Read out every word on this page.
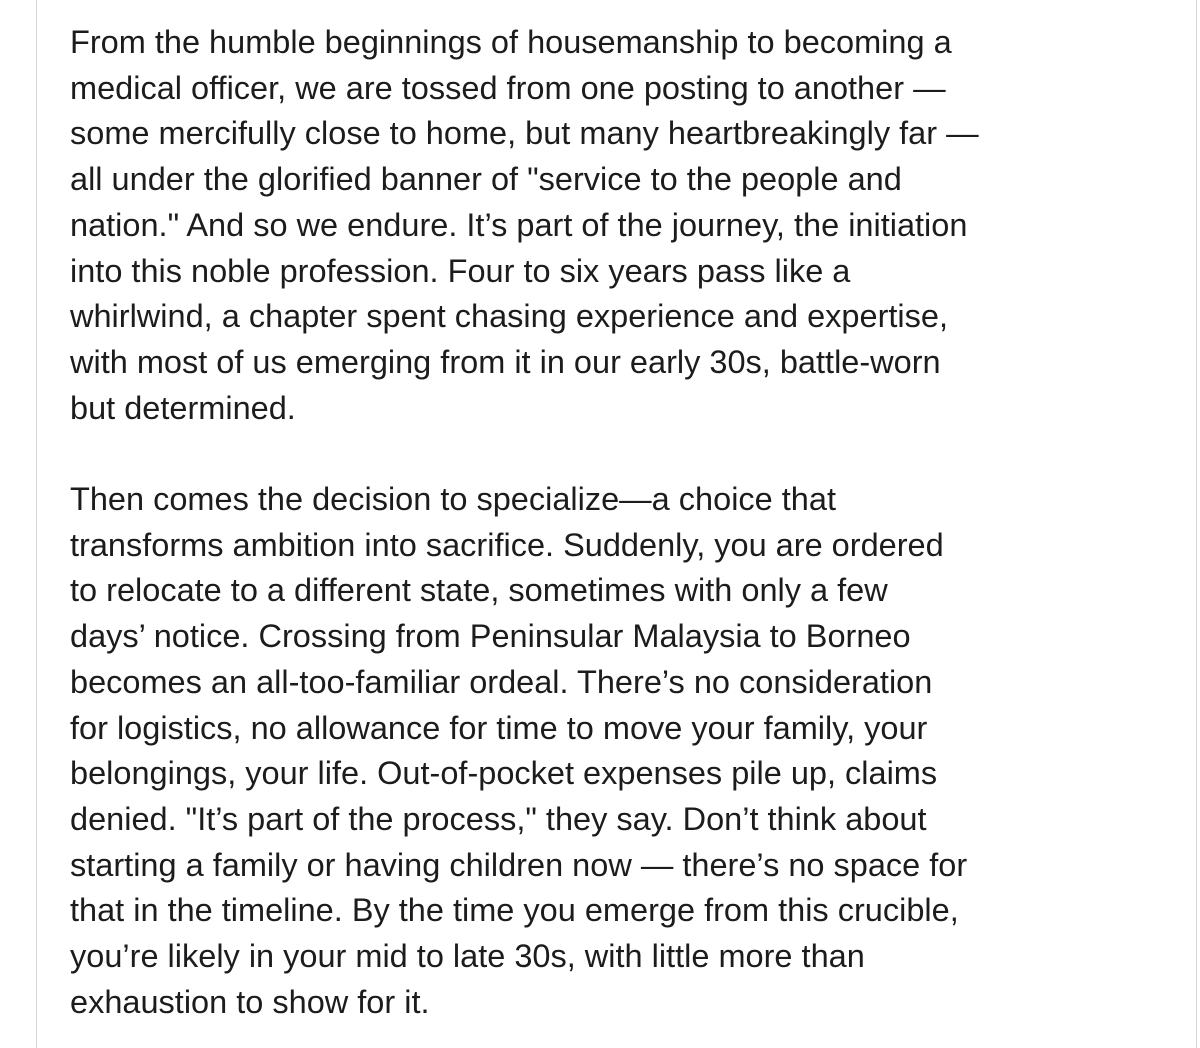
From the humble beginnings of housemanship to becoming a
medical officer, we are tossed from one posting to another —
some mercifully close to home, but many heartbreakingly far —
all under the glorified banner of "service to the people and
nation." And so we endure. It’s part of the journey, the initiation
into this noble profession. Four to six years pass like a
whirlwind, a chapter spent chasing experience and expertise,
with most of us emerging from it in our early 30s, battle-worn
but determined.

Then comes the decision to specialize—a choice that
transforms ambition into sacrifice. Suddenly, you are ordered
to relocate to a different state, sometimes with only a few
days’ notice. Crossing from Peninsular Malaysia to Borneo
becomes an all-too-familiar ordeal. There’s no consideration
for logistics, no allowance for time to move your family, your
belongings, your life. Out-of-pocket expenses pile up, claims
denied. "It’s part of the process," they say. Don’t think about
starting a family or having children now — there’s no space for
that in the timeline. By the time you emerge from this crucible,
you’re likely in your mid to late 30s, with little more than
exhaustion to show for it.
